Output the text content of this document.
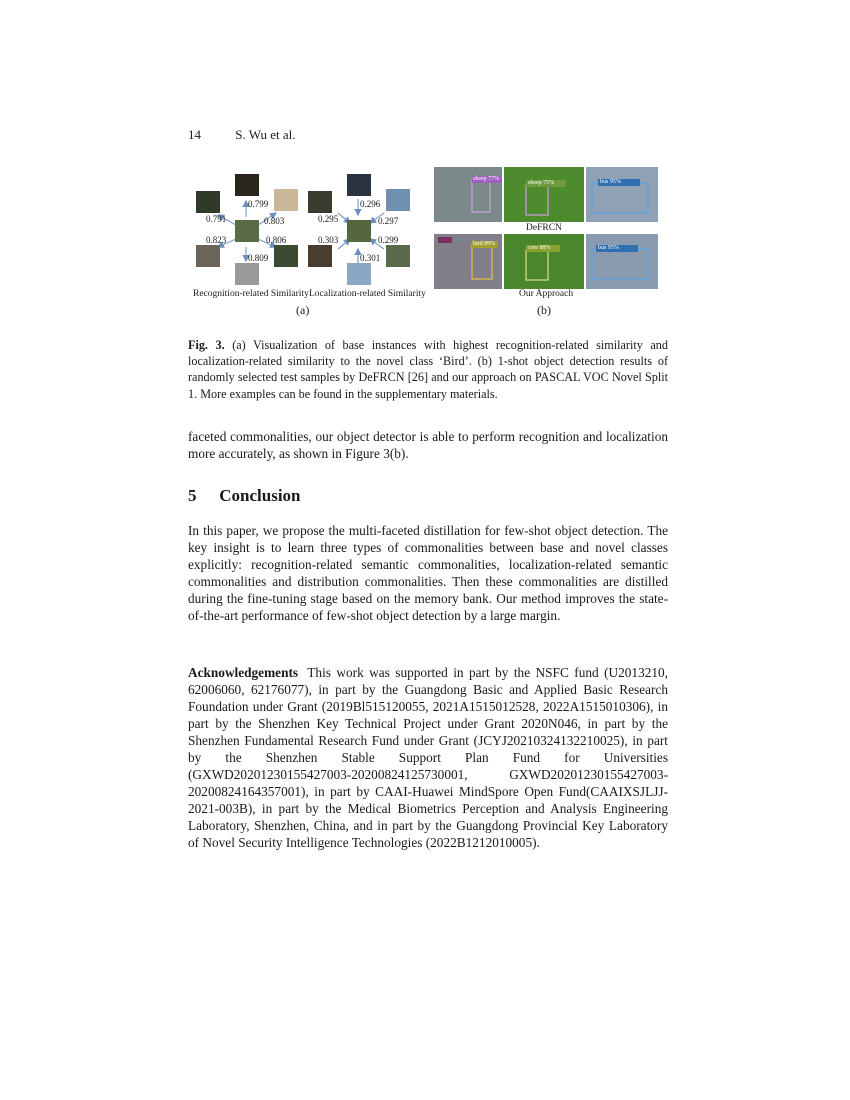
14	S. Wu et al.
0.799
0.791	0.803
0.823	0.806
0.809
0.296
0.295	0.297
0.303	0.299
0.301
sheep 77%
sheep 75%	bus 95%
bird 89%
cow 88%	bus 95%
DeFRCN
Recognition-related Similarity Localization-related Similarity	Our Approach
(a)	(b)
Fig. 3. (a) Visualization of base instances with highest recognition-related similarity and localization-related similarity to the novel class ‘Bird’. (b) 1-shot object detection results of randomly selected test samples by DeFRCN [26] and our approach on PASCAL VOC Novel Split 1. More examples can be found in the supplementary materials.
faceted commonalities, our object detector is able to perform recognition and localization more accurately, as shown in Figure 3(b).
5 Conclusion
In this paper, we propose the multi-faceted distillation for few-shot object detection. The key insight is to learn three types of commonalities between base and novel classes explicitly: recognition-related semantic commonalities, localization-related semantic commonalities and distribution commonalities. Then these commonalities are distilled during the fine-tuning stage based on the memory bank. Our method improves the state-of-the-art performance of few-shot object detection by a large margin.
Acknowledgements This work was supported in part by the NSFC fund (U2013210, 62006060, 62176077), in part by the Guangdong Basic and Applied Basic Research Foundation under Grant (2019Bl515120055, 2021A1515012528, 2022A1515010306), in part by the Shenzhen Key Technical Project under Grant 2020N046, in part by the Shenzhen Fundamental Research Fund under Grant (JCYJ20210324132210025), in part by the Shenzhen Stable Support Plan Fund for Universities (GXWD20201230155427003-20200824125730001, GXWD20201230155427003-20200824164357001), in part by CAAI-Huawei MindSpore Open Fund(CAAIXSJLJJ-2021-003B), in part by the Medical Biometrics Perception and Analysis Engineering Laboratory, Shenzhen, China, and in part by the Guangdong Provincial Key Laboratory of Novel Security Intelligence Technologies (2022B1212010005).
